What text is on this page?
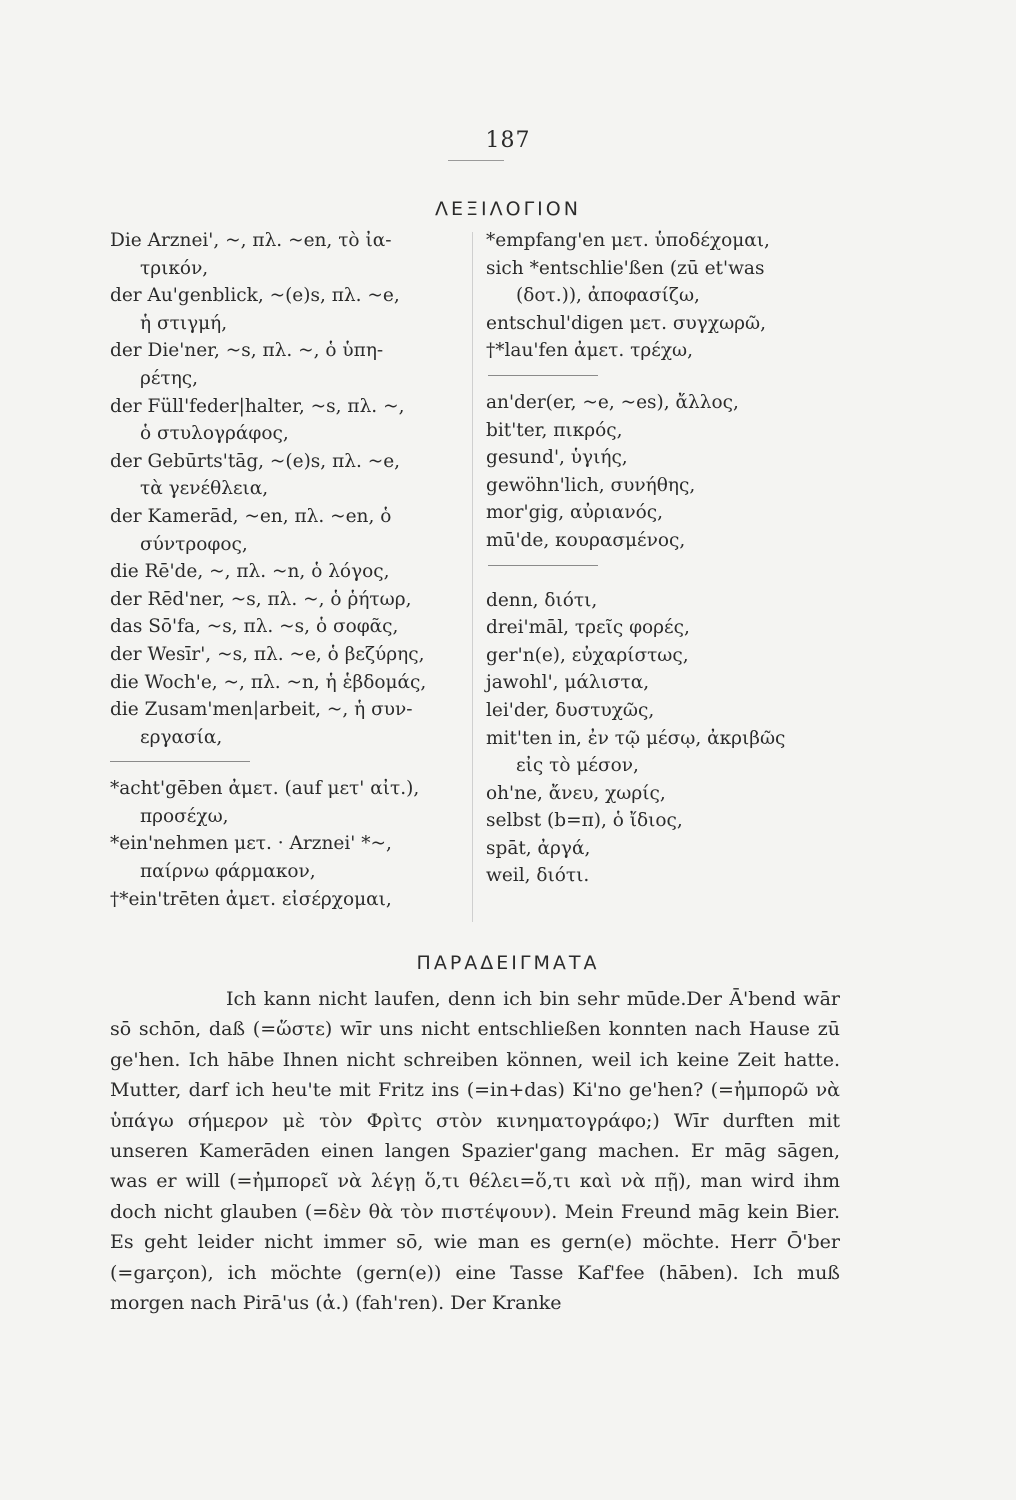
187
ΛΕΞΙΛΟΓΙΟΝ
Die Arznei', ~, πλ. ~en, τὸ ἰα-
τρικόν,
der Au'genblick, ~(e)s, πλ. ~e,
ἡ στιγμή,
der Die'ner, ~s, πλ. ~, ὁ ὑπη-
ρέτης,
der Füll'feder|halter, ~s, πλ. ~,
ὁ στυλογράφος,
der Gebūrts'tāg, ~(e)s, πλ. ~e,
τὰ γενέθλεια,
der Kamerād, ~en, πλ. ~en, ὁ
σύντροφος,
die Rē'de, ~, πλ. ~n, ὁ λόγος,
der Rēd'ner, ~s, πλ. ~, ὁ ῥήτωρ,
das Sō'fa, ~s, πλ. ~s, ὁ σοφᾶς,
der Wesīr', ~s, πλ. ~e, ὁ βεζύρης,
die Woch'e, ~, πλ. ~n, ἡ ἑβδομάς,
die Zusam'men|arbeit, ~, ἡ συν-
εργασία,
*acht'gēben ἀμετ. (auf μετ' αἰτ.),
προσέχω,
*ein'nehmen μετ. · Arznei' *~,
παίρνω φάρμακον,
†*ein'trēten ἀμετ. εἰσέρχομαι,
*empfang'en μετ. ὑποδέχομαι,
sich *entschlie'ßen (zū et'was
(δοτ.)), ἀποφασίζω,
entschul'digen μετ. συγχωρῶ,
†*lau'fen ἀμετ. τρέχω,
an'der(er, ~e, ~es), ἄλλος,
bit'ter, πικρός,
gesund', ὑγιής,
gewöhn'lich, συνήθης,
mor'gig, αὐριανός,
mū'de, κουρασμένος,
denn, διότι,
drei'māl, τρεῖς φορές,
ger'n(e), εὐχαρίστως,
jawohl', μάλιστα,
lei'der, δυστυχῶς,
mit'ten in, ἐν τῷ μέσῳ, ἀκριβῶς
εἰς τὸ μέσον,
oh'ne, ἄνευ, χωρίς,
selbst (b=π), ὁ ἴδιος,
spāt, ἀργά,
weil, διότι.
ΠΑΡΑΔΕΙΓΜΑΤΑ

Ich kann nicht laufen, denn ich bin sehr mūde.Der Ā'bend wār sō schōn, daß (=ὥστε) wīr uns nicht entschließen konnten nach Hause zū ge'hen. Ich hābe Ihnen nicht schreiben können, weil ich keine Zeit hatte. Mutter, darf ich heu'te mit Fritz ins (=in+das) Ki'no ge'hen? (=ἠμπορῶ νὰ ὑπάγω σήμερον μὲ τὸν Φρὶτς στὸν κινηματογράφο;) Wīr durften mit unseren Kamerāden einen langen Spazier'gang machen. Er māg sāgen, was er will (=ἠμπορεῖ νὰ λέγῃ ὅ,τι θέλει=ὅ,τι καὶ νὰ πῇ), man wird ihm doch nicht glauben (=δὲν θὰ τὸν πιστέψουν). Mein Freund māg kein Bier. Es geht leider nicht immer sō, wie man es gern(e) möchte. Herr Ō'ber (=garçon), ich möchte (gern(e)) eine Tasse Kaf'fee (hāben). Ich muß morgen nach Pirā'us (ἀ.) (fah'ren). Der Kranke
